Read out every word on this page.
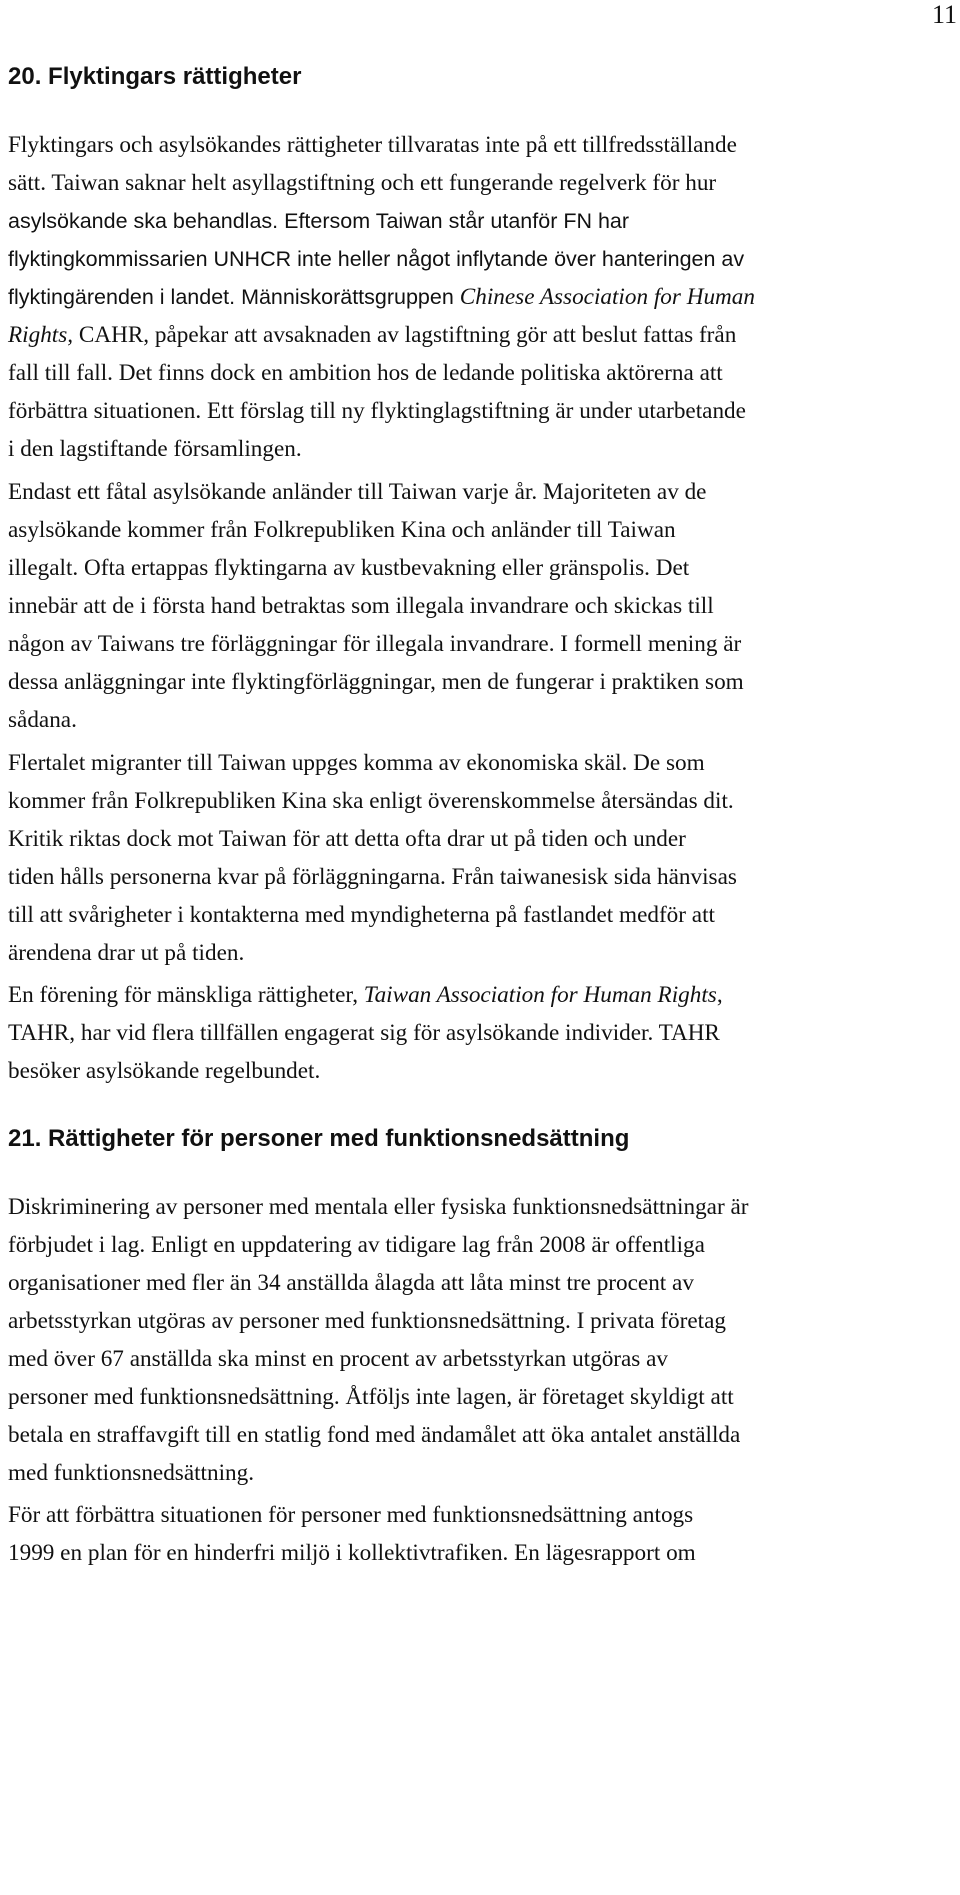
11
20. Flyktingars rättigheter

Flyktingars och asylsökandes rättigheter tillvaratas inte på ett tillfredsställande
sätt. Taiwan saknar helt asyllagstiftning och ett fungerande regelverk för hur
asylsökande ska behandlas. Eftersom Taiwan står utanför FN har
flyktingkommissarien UNHCR inte heller något inflytande över hanteringen av
flyktingärenden i landet. Människorättsgruppen Chinese Association for Human
Rights, CAHR, påpekar att avsaknaden av lagstiftning gör att beslut fattas från
fall till fall. Det finns dock en ambition hos de ledande politiska aktörerna att
förbättra situationen. Ett förslag till ny flyktinglagstiftning är under utarbetande
i den lagstiftande församlingen.

Endast ett fåtal asylsökande anländer till Taiwan varje år. Majoriteten av de
asylsökande kommer från Folkrepubliken Kina och anländer till Taiwan
illegalt. Ofta ertappas flyktingarna av kustbevakning eller gränspolis. Det
innebär att de i första hand betraktas som illegala invandrare och skickas till
någon av Taiwans tre förläggningar för illegala invandrare. I formell mening är
dessa anläggningar inte flyktingförläggningar, men de fungerar i praktiken som
sådana.

Flertalet migranter till Taiwan uppges komma av ekonomiska skäl. De som
kommer från Folkrepubliken Kina ska enligt överenskommelse återsändas dit.
Kritik riktas dock mot Taiwan för att detta ofta drar ut på tiden och under
tiden hålls personerna kvar på förläggningarna. Från taiwanesisk sida hänvisas
till att svårigheter i kontakterna med myndigheterna på fastlandet medför att
ärendena drar ut på tiden.

En förening för mänskliga rättigheter, Taiwan Association for Human Rights,
TAHR, har vid flera tillfällen engagerat sig för asylsökande individer. TAHR
besöker asylsökande regelbundet.

21. Rättigheter för personer med funktionsnedsättning

Diskriminering av personer med mentala eller fysiska funktionsnedsättningar är
förbjudet i lag. Enligt en uppdatering av tidigare lag från 2008 är offentliga
organisationer med fler än 34 anställda ålagda att låta minst tre procent av
arbetsstyrkan utgöras av personer med funktionsnedsättning. I privata företag
med över 67 anställda ska minst en procent av arbetsstyrkan utgöras av
personer med funktionsnedsättning. Åtföljs inte lagen, är företaget skyldigt att
betala en straffavgift till en statlig fond med ändamålet att öka antalet anställda
med funktionsnedsättning.

För att förbättra situationen för personer med funktionsnedsättning antogs
1999 en plan för en hinderfri miljö i kollektivtrafiken. En lägesrapport om
